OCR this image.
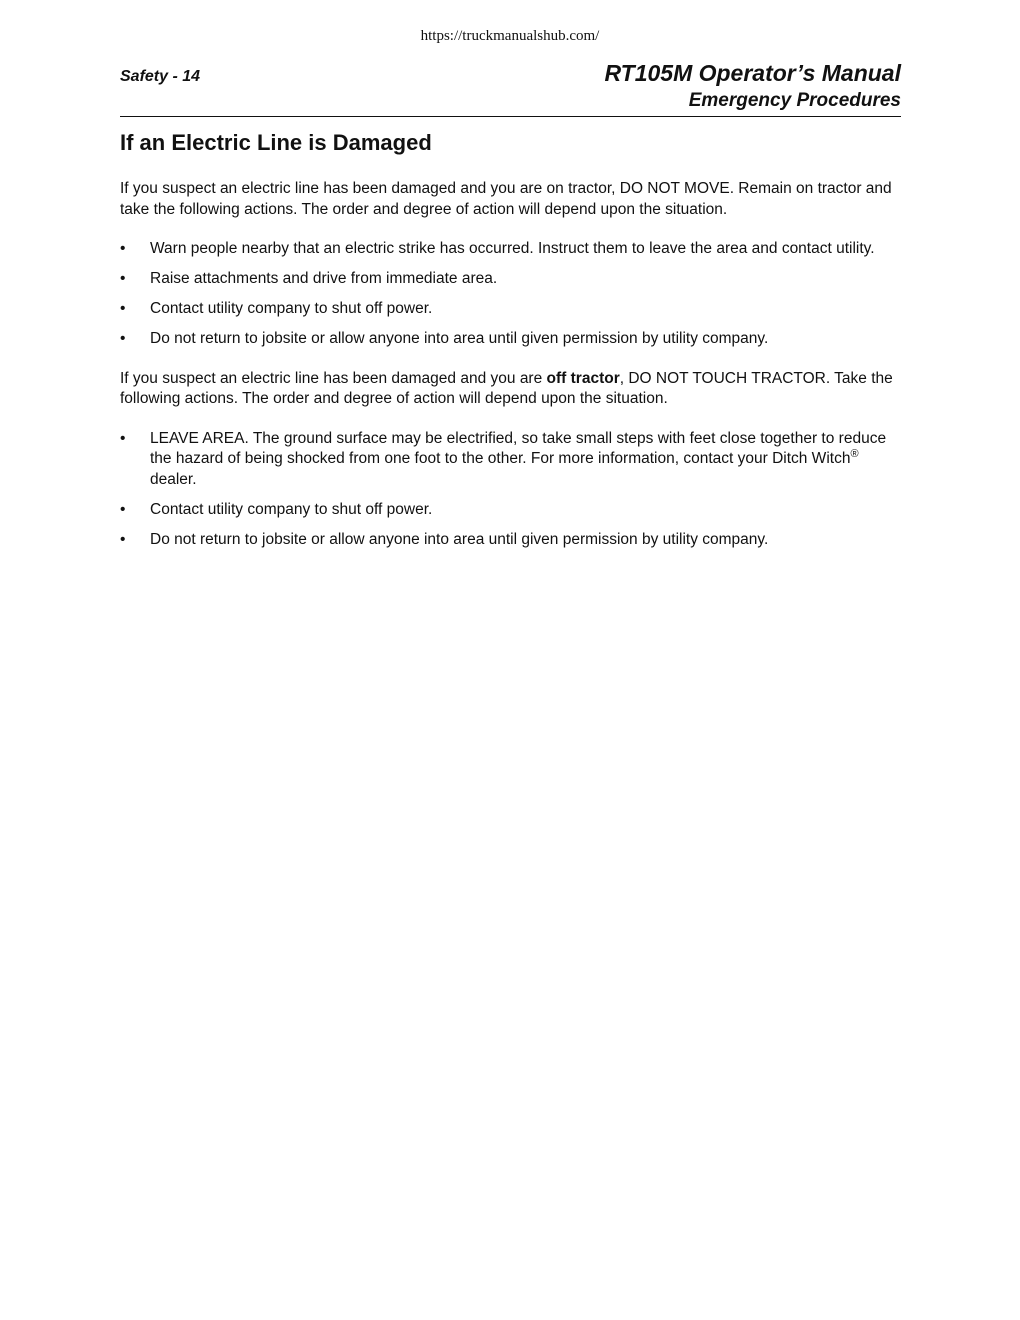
https://truckmanualshub.com/
Safety - 14	RT105M Operator’s Manual
Emergency Procedures
If an Electric Line is Damaged

If you suspect an electric line has been damaged and you are on tractor, DO NOT MOVE. Remain on tractor and take the following actions. The order and degree of action will depend upon the situation.

• Warn people nearby that an electric strike has occurred. Instruct them to leave the area and contact utility.
• Raise attachments and drive from immediate area.
• Contact utility company to shut off power.
• Do not return to jobsite or allow anyone into area until given permission by utility company.

If you suspect an electric line has been damaged and you are off tractor, DO NOT TOUCH TRACTOR. Take the following actions. The order and degree of action will depend upon the situation.

• LEAVE AREA. The ground surface may be electrified, so take small steps with feet close together to reduce the hazard of being shocked from one foot to the other. For more information, contact your Ditch Witch® dealer.
• Contact utility company to shut off power.
• Do not return to jobsite or allow anyone into area until given permission by utility company.
